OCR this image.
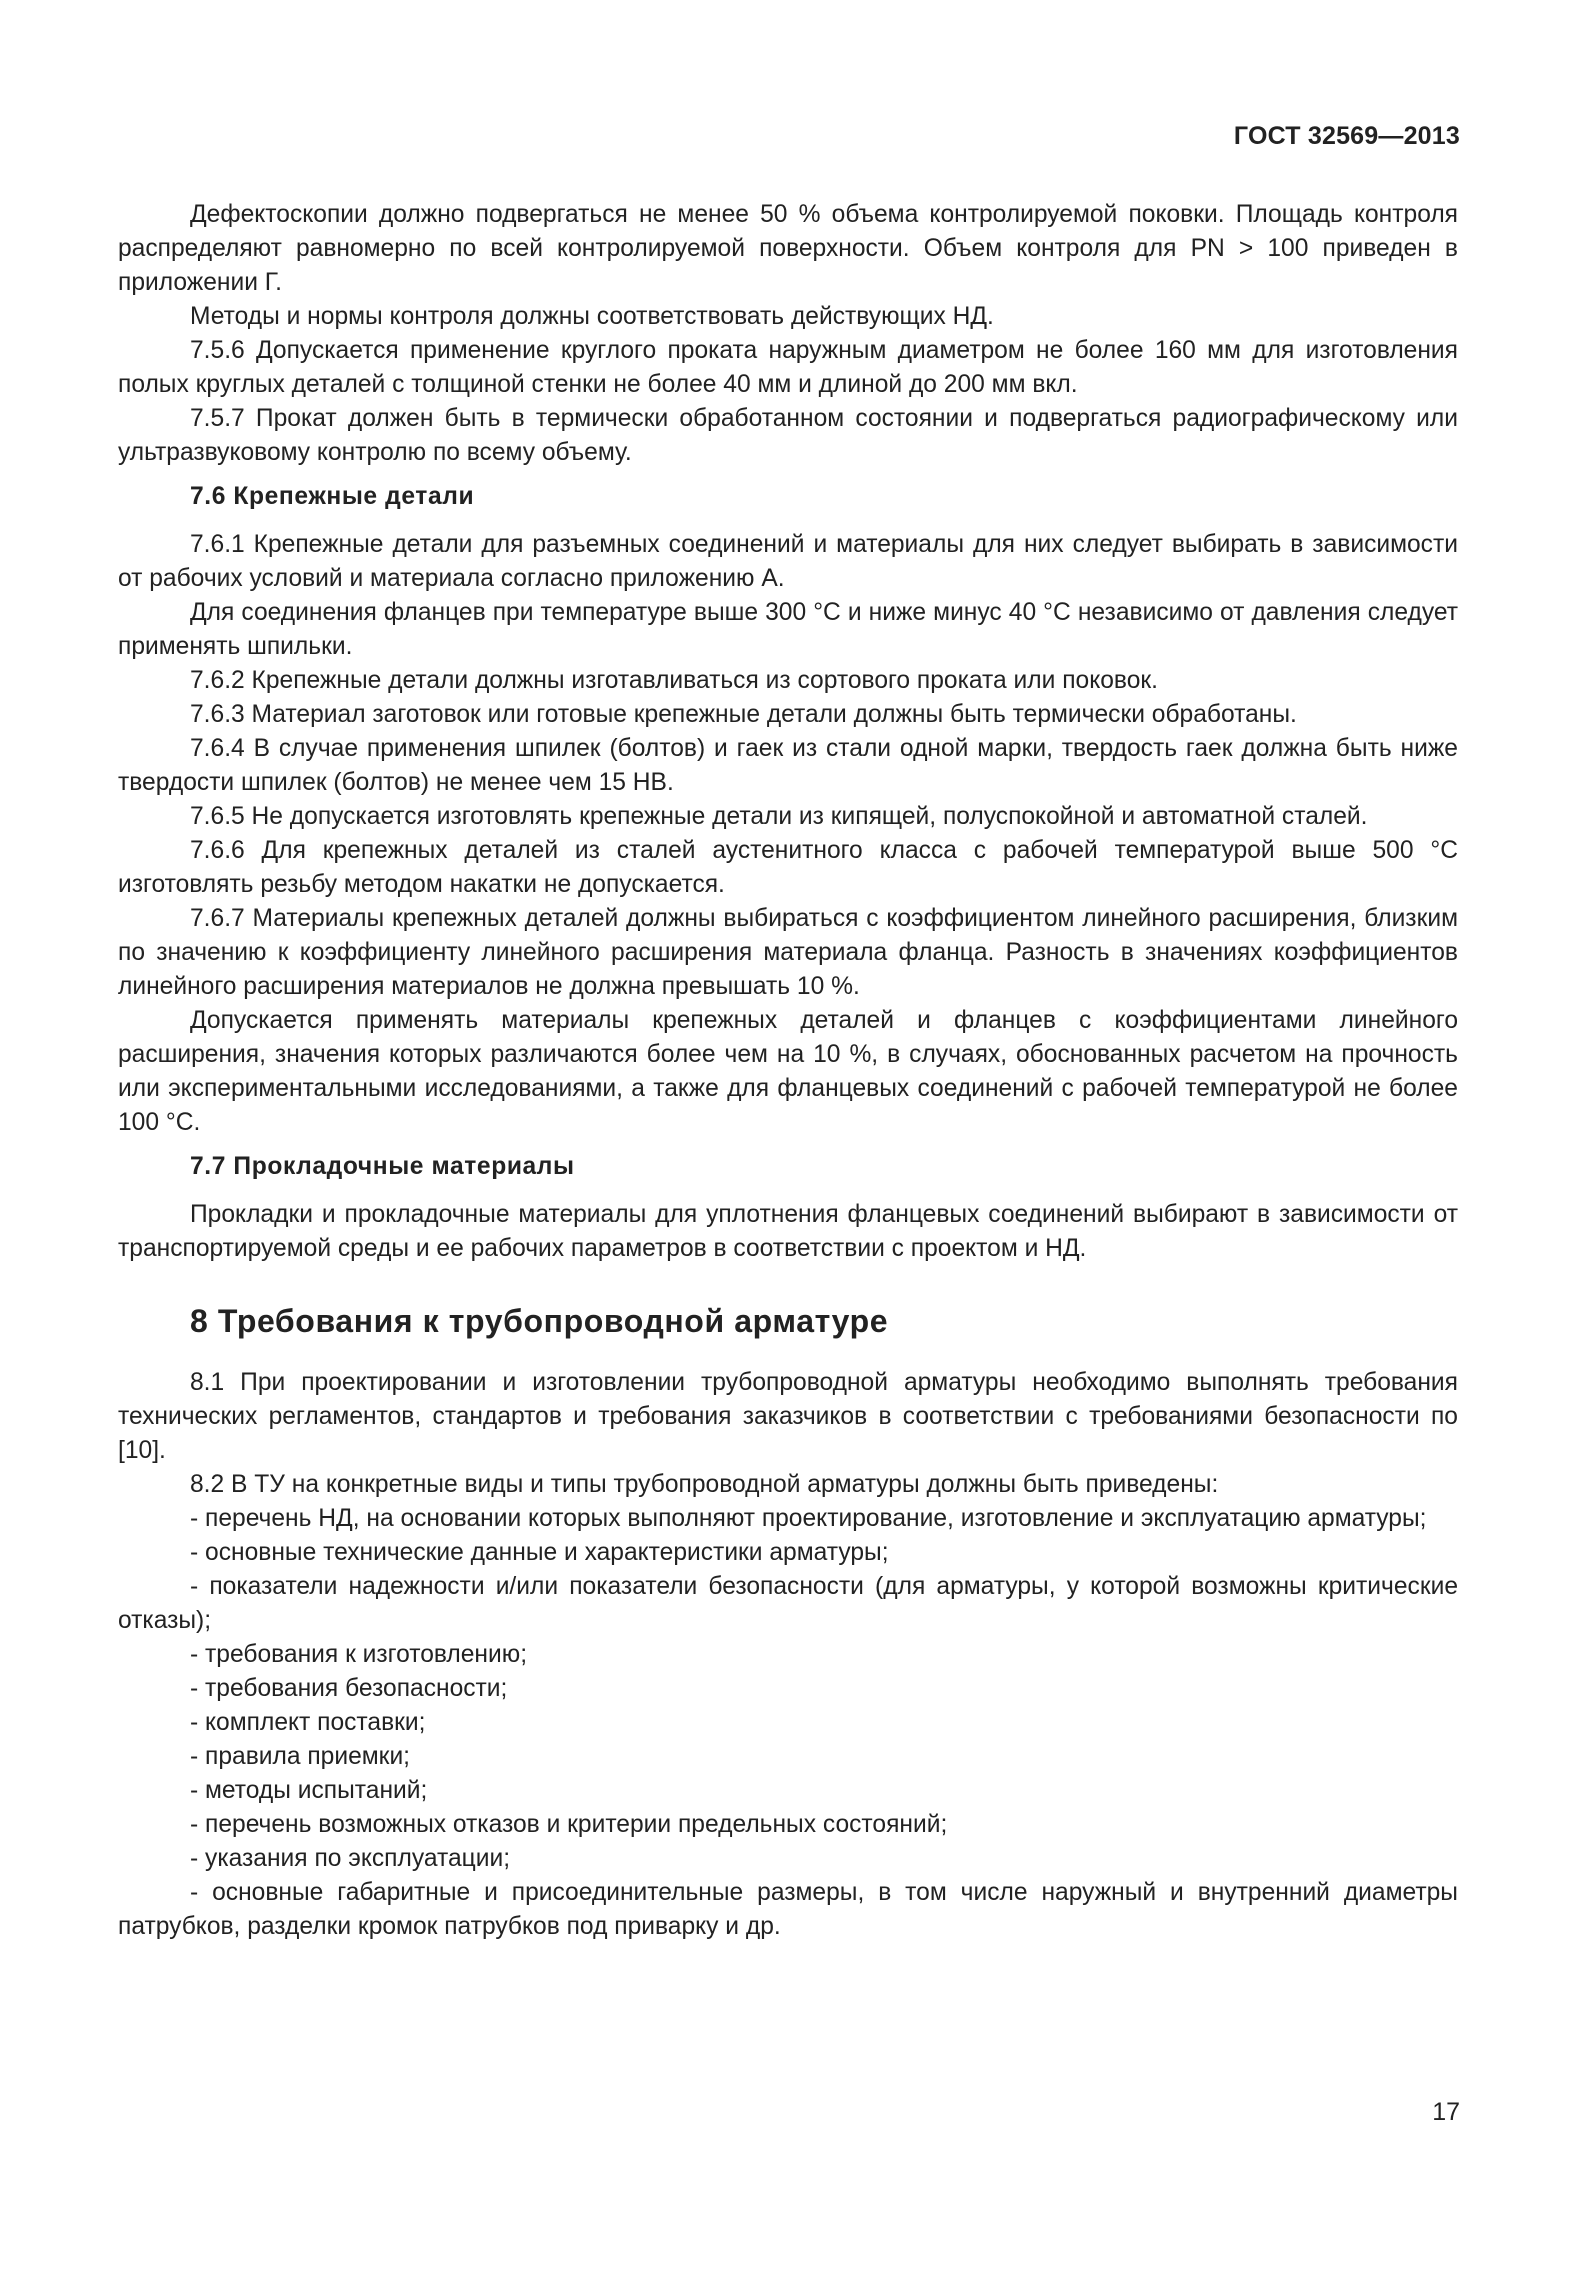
ГОСТ 32569—2013

Дефектоскопии должно подвергаться не менее 50 % объема контролируемой поковки. Площадь контроля распределяют равномерно по всей контролируемой поверхности. Объем контроля для PN > 100 приведен в приложении Г.

Методы и нормы контроля должны соответствовать действующих НД.

7.5.6 Допускается применение круглого проката наружным диаметром не более 160 мм для изготовления полых круглых деталей с толщиной стенки не более 40 мм и длиной до 200 мм вкл.

7.5.7 Прокат должен быть в термически обработанном состоянии и подвергаться радиографическому или ультразвуковому контролю по всему объему.

7.6 Крепежные детали

7.6.1 Крепежные детали для разъемных соединений и материалы для них следует выбирать в зависимости от рабочих условий и материала согласно приложению А.

Для соединения фланцев при температуре выше 300 °С и ниже минус 40 °С независимо от давления следует применять шпильки.

7.6.2 Крепежные детали должны изготавливаться из сортового проката или поковок.

7.6.3 Материал заготовок или готовые крепежные детали должны быть термически обработаны.

7.6.4 В случае применения шпилек (болтов) и гаек из стали одной марки, твердость гаек должна быть ниже твердости шпилек (болтов) не менее чем 15 НВ.

7.6.5 Не допускается изготовлять крепежные детали из кипящей, полуспокойной и автоматной сталей.

7.6.6 Для крепежных деталей из сталей аустенитного класса с рабочей температурой выше 500 °С изготовлять резьбу методом накатки не допускается.

7.6.7 Материалы крепежных деталей должны выбираться с коэффициентом линейного расширения, близким по значению к коэффициенту линейного расширения материала фланца. Разность в значениях коэффициентов линейного расширения материалов не должна превышать 10 %.

Допускается применять материалы крепежных деталей и фланцев с коэффициентами линейного расширения, значения которых различаются более чем на 10 %, в случаях, обоснованных расчетом на прочность или экспериментальными исследованиями, а также для фланцевых соединений с рабочей температурой не более 100 °С.

7.7 Прокладочные материалы

Прокладки и прокладочные материалы для уплотнения фланцевых соединений выбирают в зависимости от транспортируемой среды и ее рабочих параметров в соответствии с проектом и НД.

8 Требования к трубопроводной арматуре

8.1 При проектировании и изготовлении трубопроводной арматуры необходимо выполнять требования технических регламентов, стандартов и требования заказчиков в соответствии с требованиями безопасности по [10].

8.2 В ТУ на конкретные виды и типы трубопроводной арматуры должны быть приведены:

- перечень НД, на основании которых выполняют проектирование, изготовление и эксплуатацию арматуры;

- основные технические данные и характеристики арматуры;

- показатели надежности и/или показатели безопасности (для арматуры, у которой возможны критические отказы);

- требования к изготовлению;

- требования безопасности;

- комплект поставки;

- правила приемки;

- методы испытаний;

- перечень возможных отказов и критерии предельных состояний;

- указания по эксплуатации;

- основные габаритные и присоединительные размеры, в том числе наружный и внутренний диаметры патрубков, разделки кромок патрубков под приварку и др.

17
